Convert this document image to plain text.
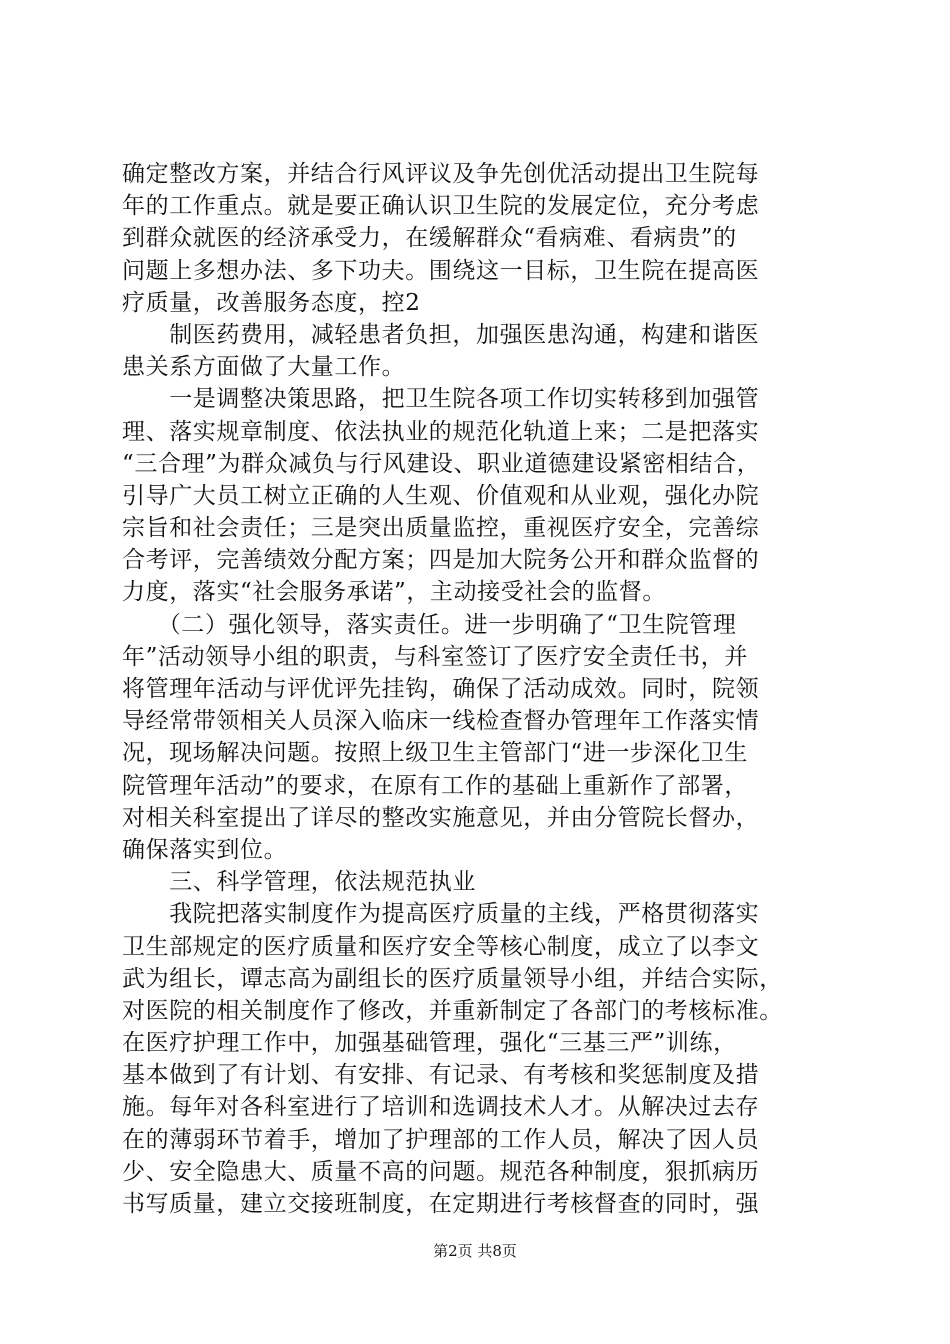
确定整改方案，并结合行风评议及争先创优活动提出卫生院每
年的工作重点。就是要正确认识卫生院的发展定位，充分考虑
到群众就医的经济承受力，在缓解群众“看病难、看病贵”的
问题上多想办法、多下功夫。围绕这一目标，卫生院在提高医
疗质量，改善服务态度，控2
　　制医药费用，减轻患者负担，加强医患沟通，构建和谐医
患关系方面做了大量工作。
　　一是调整决策思路，把卫生院各项工作切实转移到加强管
理、落实规章制度、依法执业的规范化轨道上来；二是把落实
“三合理”为群众减负与行风建设、职业道德建设紧密相结合，
引导广大员工树立正确的人生观、价值观和从业观，强化办院
宗旨和社会责任；三是突出质量监控，重视医疗安全，完善综
合考评，完善绩效分配方案；四是加大院务公开和群众监督的
力度，落实“社会服务承诺”，主动接受社会的监督。
　　（二）强化领导，落实责任。进一步明确了“卫生院管理
年”活动领导小组的职责，与科室签订了医疗安全责任书，并
将管理年活动与评优评先挂钩，确保了活动成效。同时，院领
导经常带领相关人员深入临床一线检查督办管理年工作落实情
况，现场解决问题。按照上级卫生主管部门“进一步深化卫生
院管理年活动”的要求，在原有工作的基础上重新作了部署，
对相关科室提出了详尽的整改实施意见，并由分管院长督办，
确保落实到位。
　　三、科学管理，依法规范执业
　　我院把落实制度作为提高医疗质量的主线，严格贯彻落实
卫生部规定的医疗质量和医疗安全等核心制度，成立了以李文
武为组长，谭志高为副组长的医疗质量领导小组，并结合实际，
对医院的相关制度作了修改，并重新制定了各部门的考核标准。
在医疗护理工作中，加强基础管理，强化“三基三严”训练，
基本做到了有计划、有安排、有记录、有考核和奖惩制度及措
施。每年对各科室进行了培训和选调技术人才。从解决过去存
在的薄弱环节着手，增加了护理部的工作人员，解决了因人员
少、安全隐患大、质量不高的问题。规范各种制度，狠抓病历
书写质量，建立交接班制度，在定期进行考核督查的同时，强
第2页 共8页
